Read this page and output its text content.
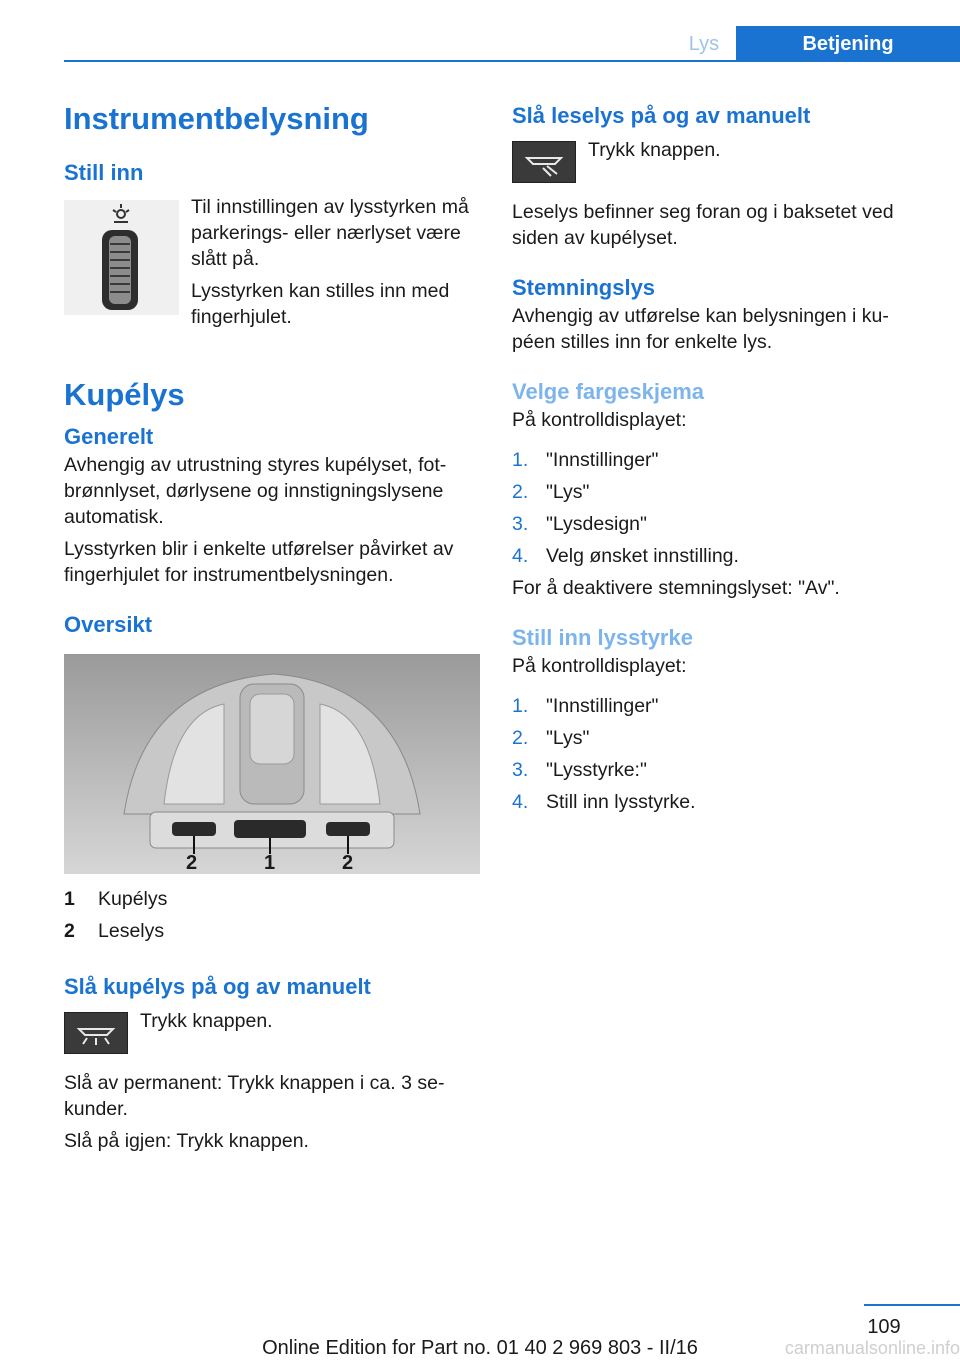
Lys	Betjening
Instrumentbelysning
Still inn

Til innstillingen av lysstyrken må parkerings- eller nærlyset være slått på.

Lysstyrken kan stilles inn med fingerhjulet.

Kupélys
Generelt

Avhengig av utrustning styres kupélyset, fot- brønnlyset, dørlysene og innstigningslysene automatisk.

Lysstyrken blir i enkelte utførelser påvirket av fingerhjulet for instrumentbelysningen.

Oversikt
2	1	2
1 Kupélys
2 Leselys
Slå kupélys på og av manuelt

Trykk knappen.

Slå av permanent: Trykk knappen i ca. 3 se- kunder.

Slå på igjen: Trykk knappen.

Slå leselys på og av manuelt

Trykk knappen.

Leselys befinner seg foran og i baksetet ved siden av kupélyset.

Stemningslys

Avhengig av utførelse kan belysningen i ku- péen stilles inn for enkelte lys.

Velge fargeskjema

På kontrolldisplayet:

1. "Innstillinger"
2. "Lys"
3. "Lysdesign"
4. Velg ønsket innstilling.

For å deaktivere stemningslyset: "Av".

Still inn lysstyrke

På kontrolldisplayet:

1. "Innstillinger"
2. "Lys"
3. "Lysstyrke:"
4. Still inn lysstyrke.
109
carmanualsonline.info
Online Edition for Part no. 01 40 2 969 803 - II/16
